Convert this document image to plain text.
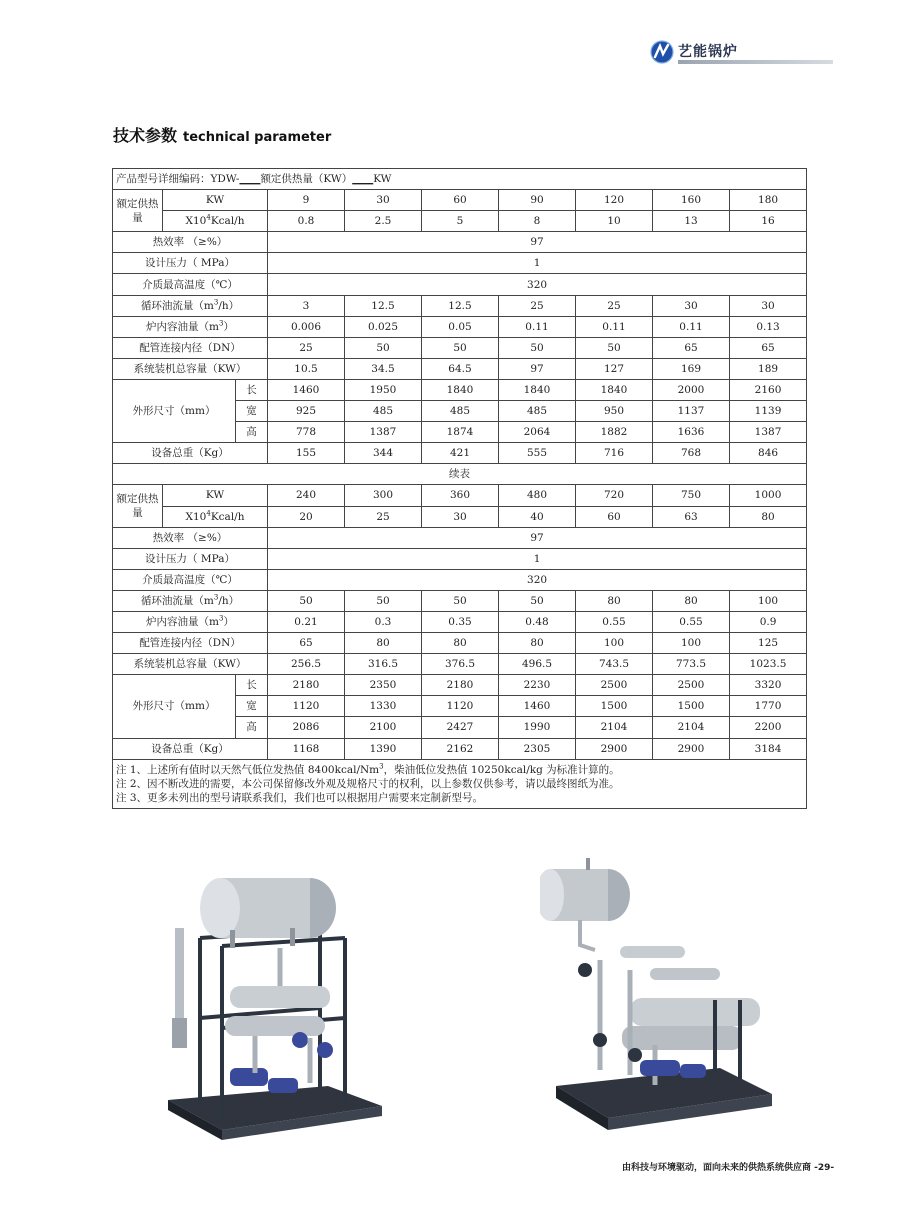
艺能锅炉
技术参数 technical parameter
产品型号详细编码：YDW-____额定供热量（KW）____KW									
额定供热量	KW		9	30	60	90	120	160	180
	$X10^4Kcal/h$		0.8	2.5	5	8	10	13	16
热效率 （≥%）			97						
设计压力（ MPa）			1						
介质最高温度（℃）			320						
循环油流量$(m^3/h)$			3	12.5	12.5	25	25	30	30
炉内容油量$(m^3)$			0.006	0.025	0.05	0.11	0.11	0.11	0.13
配管连接内径（DN）			25	50	50	50	50	65	65
系统装机总容量（KW）			10.5	34.5	64.5	97	127	169	189
外形尺寸（mm）		长	1460	1950	1840	1840	1840	2000	2160
		宽	925	485	485	485	950	1137	1139
		高	778	1387	1874	2064	1882	1636	1387
设备总重（Kg）			155	344	421	555	716	768	846
续表									
额定供热量	KW		240	300	360	480	720	750	1000
	$X10^4Kcal/h$		20	25	30	40	60	63	80
热效率 （≥%）			97						
设计压力（ MPa）			1						
介质最高温度（℃）			320						
循环油流量$(m^3/h)$			50	50	50	50	80	80	100
炉内容油量$(m^3)$			0.21	0.3	0.35	0.48	0.55	0.55	0.9
配管连接内径（DN）			65	80	80	80	100	100	125
系统装机总容量（KW）			256.5	316.5	376.5	496.5	743.5	773.5	1023.5
外形尺寸（mm）		长	2180	2350	2180	2230	2500	2500	3320
		宽	1120	1330	1120	1460	1500	1500	1770
		高	2086	2100	2427	1990	2104	2104	2200
设备总重（Kg）			1168	1390	2162	2305	2900	2900	3184

注 1、上述所有值时以天然气低位发热值 8400kcal/Nm$^3$，柴油低位发热值 10250kcal/kg 为标准计算的。
注 2、因不断改进的需要，本公司保留修改外观及规格尺寸的权利，以上参数仅供参考，请以最终图纸为准。
注 3、更多未列出的型号请联系我们，我们也可以根据用户需要来定制新型号。									
由科技与环境驱动，面向未来的供热系统供应商 -29-
